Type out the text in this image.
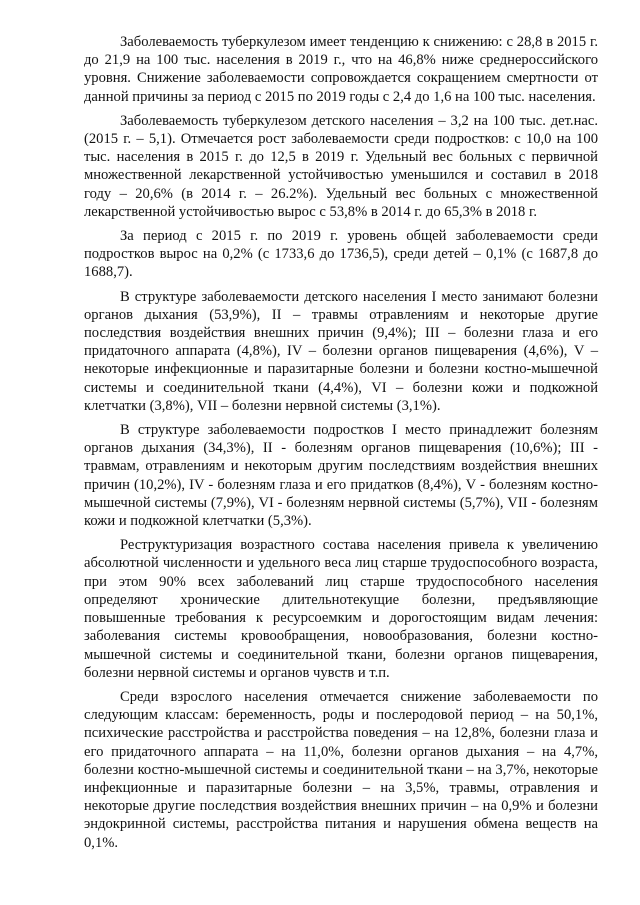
Заболеваемость туберкулезом имеет тенденцию к снижению: с 28,8 в 2015 г. до 21,9 на 100 тыс. населения в 2019 г., что на 46,8% ниже среднероссийского уровня. Снижение заболеваемости сопровождается сокращением смертности от данной причины за период с 2015 по 2019 годы с 2,4 до 1,6 на 100 тыс. населения.

Заболеваемость туберкулезом детского населения – 3,2 на 100 тыс. дет.нас. (2015 г. – 5,1). Отмечается рост заболеваемости среди подростков: с 10,0 на 100 тыс. населения в 2015 г. до 12,5 в 2019 г. Удельный вес больных с первичной множественной лекарственной устойчивостью уменьшился и составил в 2018 году – 20,6% (в 2014 г. – 26.2%). Удельный вес больных с множественной лекарственной устойчивостью вырос с 53,8% в 2014 г. до 65,3% в 2018 г.

За период с 2015 г. по 2019 г. уровень общей заболеваемости среди подростков вырос на 0,2% (с 1733,6 до 1736,5), среди детей – 0,1% (с 1687,8 до 1688,7).

В структуре заболеваемости детского населения I место занимают болезни органов дыхания (53,9%), II – травмы отравлениям и некоторые другие последствия воздействия внешних причин (9,4%); III – болезни глаза и его придаточного аппарата (4,8%), IV – болезни органов пищеварения (4,6%), V – некоторые инфекционные и паразитарные болезни и болезни костно-мышечной системы и соединительной ткани (4,4%), VI – болезни кожи и подкожной клетчатки (3,8%), VII – болезни нервной системы (3,1%).

В структуре заболеваемости подростков I место принадлежит болезням органов дыхания (34,3%), II - болезням органов пищеварения (10,6%); III - травмам, отравлениям и некоторым другим последствиям воздействия внешних причин (10,2%), IV - болезням глаза и его придатков (8,4%), V - болезням костно-мышечной системы (7,9%), VI - болезням нервной системы (5,7%), VII - болезням кожи и подкожной клетчатки (5,3%).

Реструктуризация возрастного состава населения привела к увеличению абсолютной численности и удельного веса лиц старше трудоспособного возраста, при этом 90% всех заболеваний лиц старше трудоспособного населения определяют хронические длительнотекущие болезни, предъявляющие повышенные требования к ресурсоемким и дорогостоящим видам лечения: заболевания системы кровообращения, новообразования, болезни костно-мышечной системы и соединительной ткани, болезни органов пищеварения, болезни нервной системы и органов чувств и т.п.

Среди взрослого населения отмечается снижение заболеваемости по следующим классам: беременность, роды и послеродовой период – на 50,1%, психические расстройства и расстройства поведения – на 12,8%, болезни глаза и его придаточного аппарата – на 11,0%, болезни органов дыхания – на 4,7%, болезни костно-мышечной системы и соединительной ткани – на 3,7%, некоторые инфекционные и паразитарные болезни – на 3,5%, травмы, отравления и некоторые другие последствия воздействия внешних причин – на 0,9% и болезни эндокринной системы, расстройства питания и нарушения обмена веществ на 0,1%.
